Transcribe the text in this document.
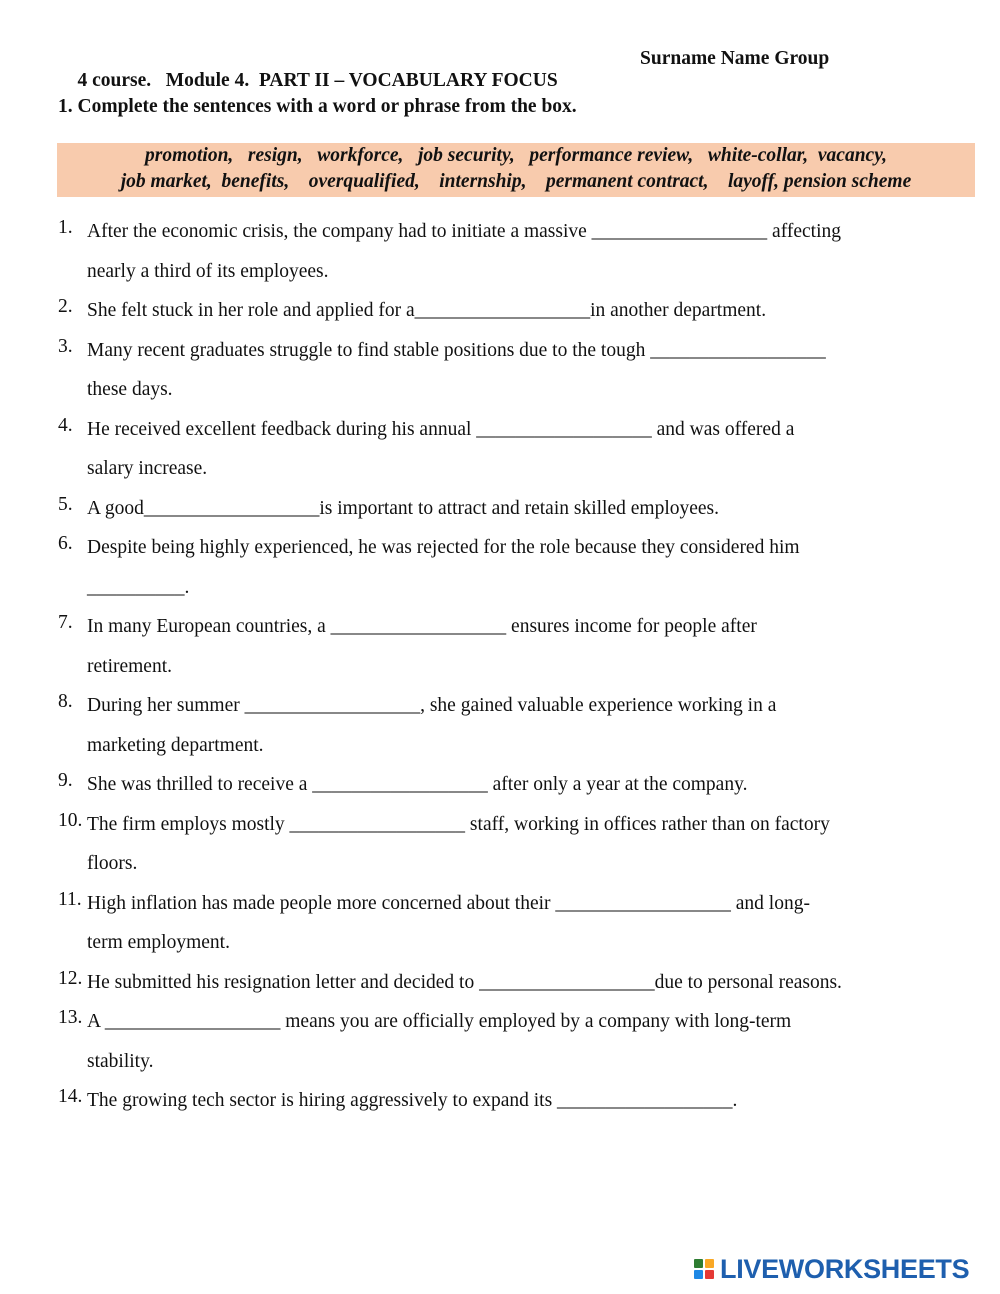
4 course.   Module 4.  PART II – VOCABULARY FOCUS

Surname Name Group

1. Complete the sentences with a word or phrase from the box.
promotion,   resign,   workforce,   job security,   performance review,   white-collar,  vacancy,
job market,  benefits,    overqualified,    internship,    permanent contract,    layoff, pension scheme
1. After the economic crisis, the company had to initiate a massive __________________ affecting
nearly a third of its employees.
2. She felt stuck in her role and applied for a__________________in another department.
3. Many recent graduates struggle to find stable positions due to the tough __________________
these days.
4. He received excellent feedback during his annual __________________ and was offered a
salary increase.
5. A good__________________is important to attract and retain skilled employees.
6. Despite being highly experienced, he was rejected for the role because they considered him
__________.
7. In many European countries, a __________________ ensures income for people after
retirement.
8. During her summer __________________, she gained valuable experience working in a
marketing department.
9. She was thrilled to receive a __________________ after only a year at the company.
10. The firm employs mostly __________________ staff, working in offices rather than on factory
floors.
11. High inflation has made people more concerned about their __________________ and long-
term employment.
12. He submitted his resignation letter and decided to __________________due to personal reasons.
13. A __________________ means you are officially employed by a company with long-term
stability.
14. The growing tech sector is hiring aggressively to expand its __________________.
LIVEWORKSHEETS
